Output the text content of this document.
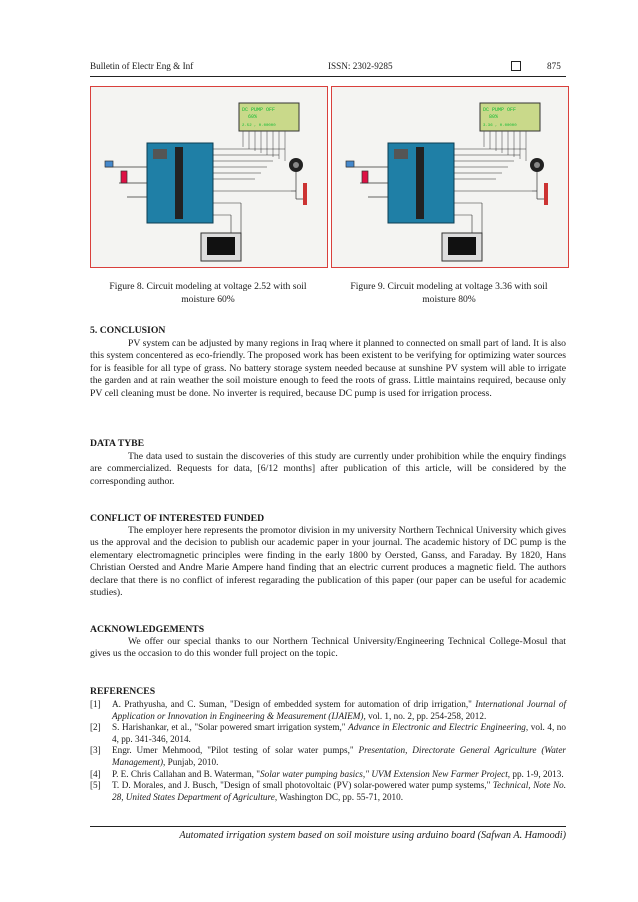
Bulletin of Electr Eng & Inf	ISSN: 2302-9285	875
DC PUMP OFF
60%
2.52 , 0.00000
DC PUMP OFF
80%
3.36 , 0.00000
Figure 8. Circuit modeling at voltage 2.52 with soil
moisture 60%
Figure 9. Circuit modeling at voltage 3.36 with soil
moisture 80%
5. CONCLUSION
PV system can be adjusted by many regions in Iraq where it planned to connected on small part of land. It is also this system concentered as eco-friendly. The proposed work has been existent to be verifying for optimizing water sources for is feasible for all type of grass. No battery storage system needed because at sunshine PV system will able to irrigate the garden and at rain weather the soil moisture enough to feed the roots of grass. Little maintains required, because only PV cell cleaning must be done. No inverter is required, because DC pump is used for irrigation process.
DATA TYBE
The data used to sustain the discoveries of this study are currently under prohibition while the enquiry findings are commercialized. Requests for data, [6/12 months] after publication of this article, will be considered by the corresponding author.
CONFLICT OF INTERESTED FUNDED
The employer here represents the promotor division in my university Northern Technical University which gives us the approval and the decision to publish our academic paper in your journal. The academic history of DC pump is the elementary electromagnetic principles were finding in the early 1800 by Oersted, Ganss, and Faraday. By 1820, Hans Christian Oersted and Andre Marie Ampere hand finding that an electric current produces a magnetic field. The authors declare that there is no conflict of inferest regarading the publication of this paper (our paper can be useful for academic studies).
ACKNOWLEDGEMENTS
We offer our special thanks to our Northern Technical University/Engineering Technical College-Mosul that gives us the occasion to do this wonder full project on the topic.
REFERENCES
[1]	A. Prathyusha, and C. Suman, "Design of embedded system for automation of drip irrigation," International Journal of Application or Innovation in Engineering & Measurement (IJAIEM), vol. 1, no. 2, pp. 254-258, 2012.
[2]	S. Harishankar, et al., "Solar powered smart irrigation system," Advance in Electronic and Electric Engineering, vol. 4, no 4, pp. 341-346, 2014.
[3]	Engr. Umer Mehmood, "Pilot testing of solar water pumps," Presentation, Directorate General Agriculture (Water Management), Punjab, 2010.
[4]	P. E. Chris Callahan and B. Waterman, "Solar water pumping basics," UVM Extension New Farmer Project, pp. 1-9, 2013.
[5]	T. D. Morales, and J. Busch, "Design of small photovoltaic (PV) solar-powered water pump systems," Technical, Note No. 28, United States Department of Agriculture, Washington DC, pp. 55-71, 2010.
Automated irrigation system based on soil moisture using arduino board (Safwan A. Hamoodi)
